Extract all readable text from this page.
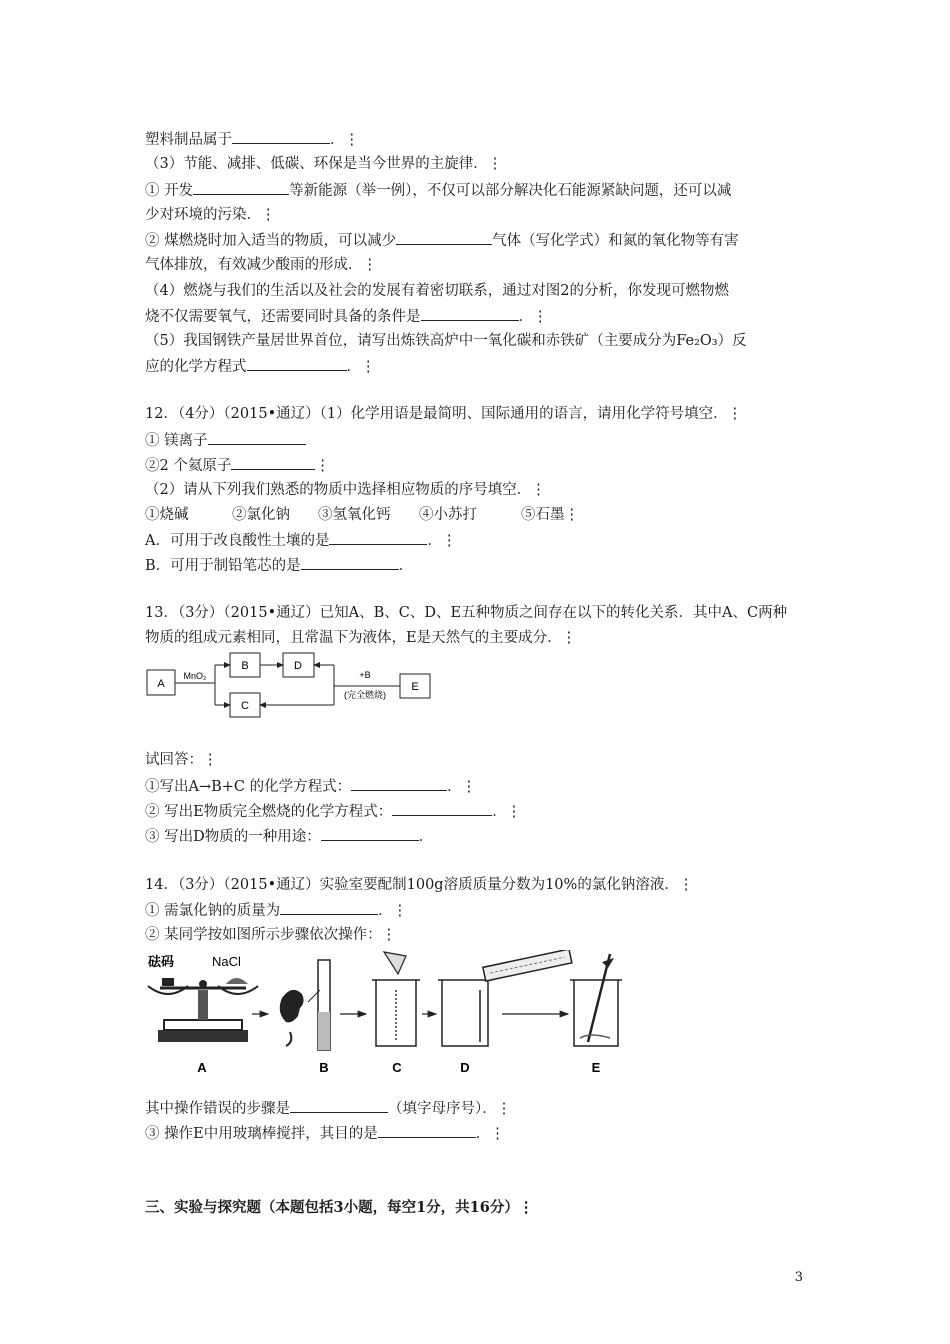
塑料制品属于	．⋮
（3）节能、减排、低碳、环保是当今世界的主旋律．⋮
① 开发	等新能源（举一例），不仅可以部分解决化石能源紧缺问题，还可以减
少对环境的污染．⋮
② 煤燃烧时加入适当的物质，可以减少	气体（写化学式）和氮的氧化物等有害
气体排放，有效减少酸雨的形成．⋮
（4）燃烧与我们的生活以及社会的发展有着密切联系，通过对图2的分析，你发现可燃物燃
烧不仅需要氧气，还需要同时具备的条件是	．⋮
（5）我国钢铁产量居世界首位，请写出炼铁高炉中一氧化碳和赤铁矿（主要成分为Fe₂O₃）反
应的化学方程式	．⋮
12．（4分）（2015•通辽）（1）化学用语是最简明、国际通用的语言，请用化学符号填空．⋮
① 镁离子
②2 个氦原子	⋮
（2）请从下列我们熟悉的物质中选择相应物质的序号填空．⋮
①烧碱	②氯化钠 ③氢氧化钙 ④小苏打	⑤石墨⋮
A．可用于改良酸性土壤的是	．⋮
B．可用于制铅笔芯的是	．
13．（3分）（2015•通辽）已知A、B、C、D、E五种物质之间存在以下的转化关系．其中A、C两种
物质的组成元素相同，且常温下为液体，E是天然气的主要成分．⋮
A
B	D
C
E
MnO₂	+B
(完全燃烧)
试回答：⋮
①写出A→B+C 的化学方程式：	．⋮
② 写出E物质完全燃烧的化学方程式：	．⋮
③ 写出D物质的一种用途：	．
14．（3分）（2015•通辽）实验室要配制100g溶质质量分数为10%的氯化钠溶液．⋮
① 需氯化钠的质量为	．⋮
② 某同学按如图所示步骤依次操作：⋮
砝码	NaCl
A	B	C	D	E
其中操作错误的步骤是	（填字母序号）．⋮
③ 操作E中用玻璃棒搅拌，其目的是	．⋮
三、实验与探究题（本题包括3小题，每空1分，共16分）⋮
3
